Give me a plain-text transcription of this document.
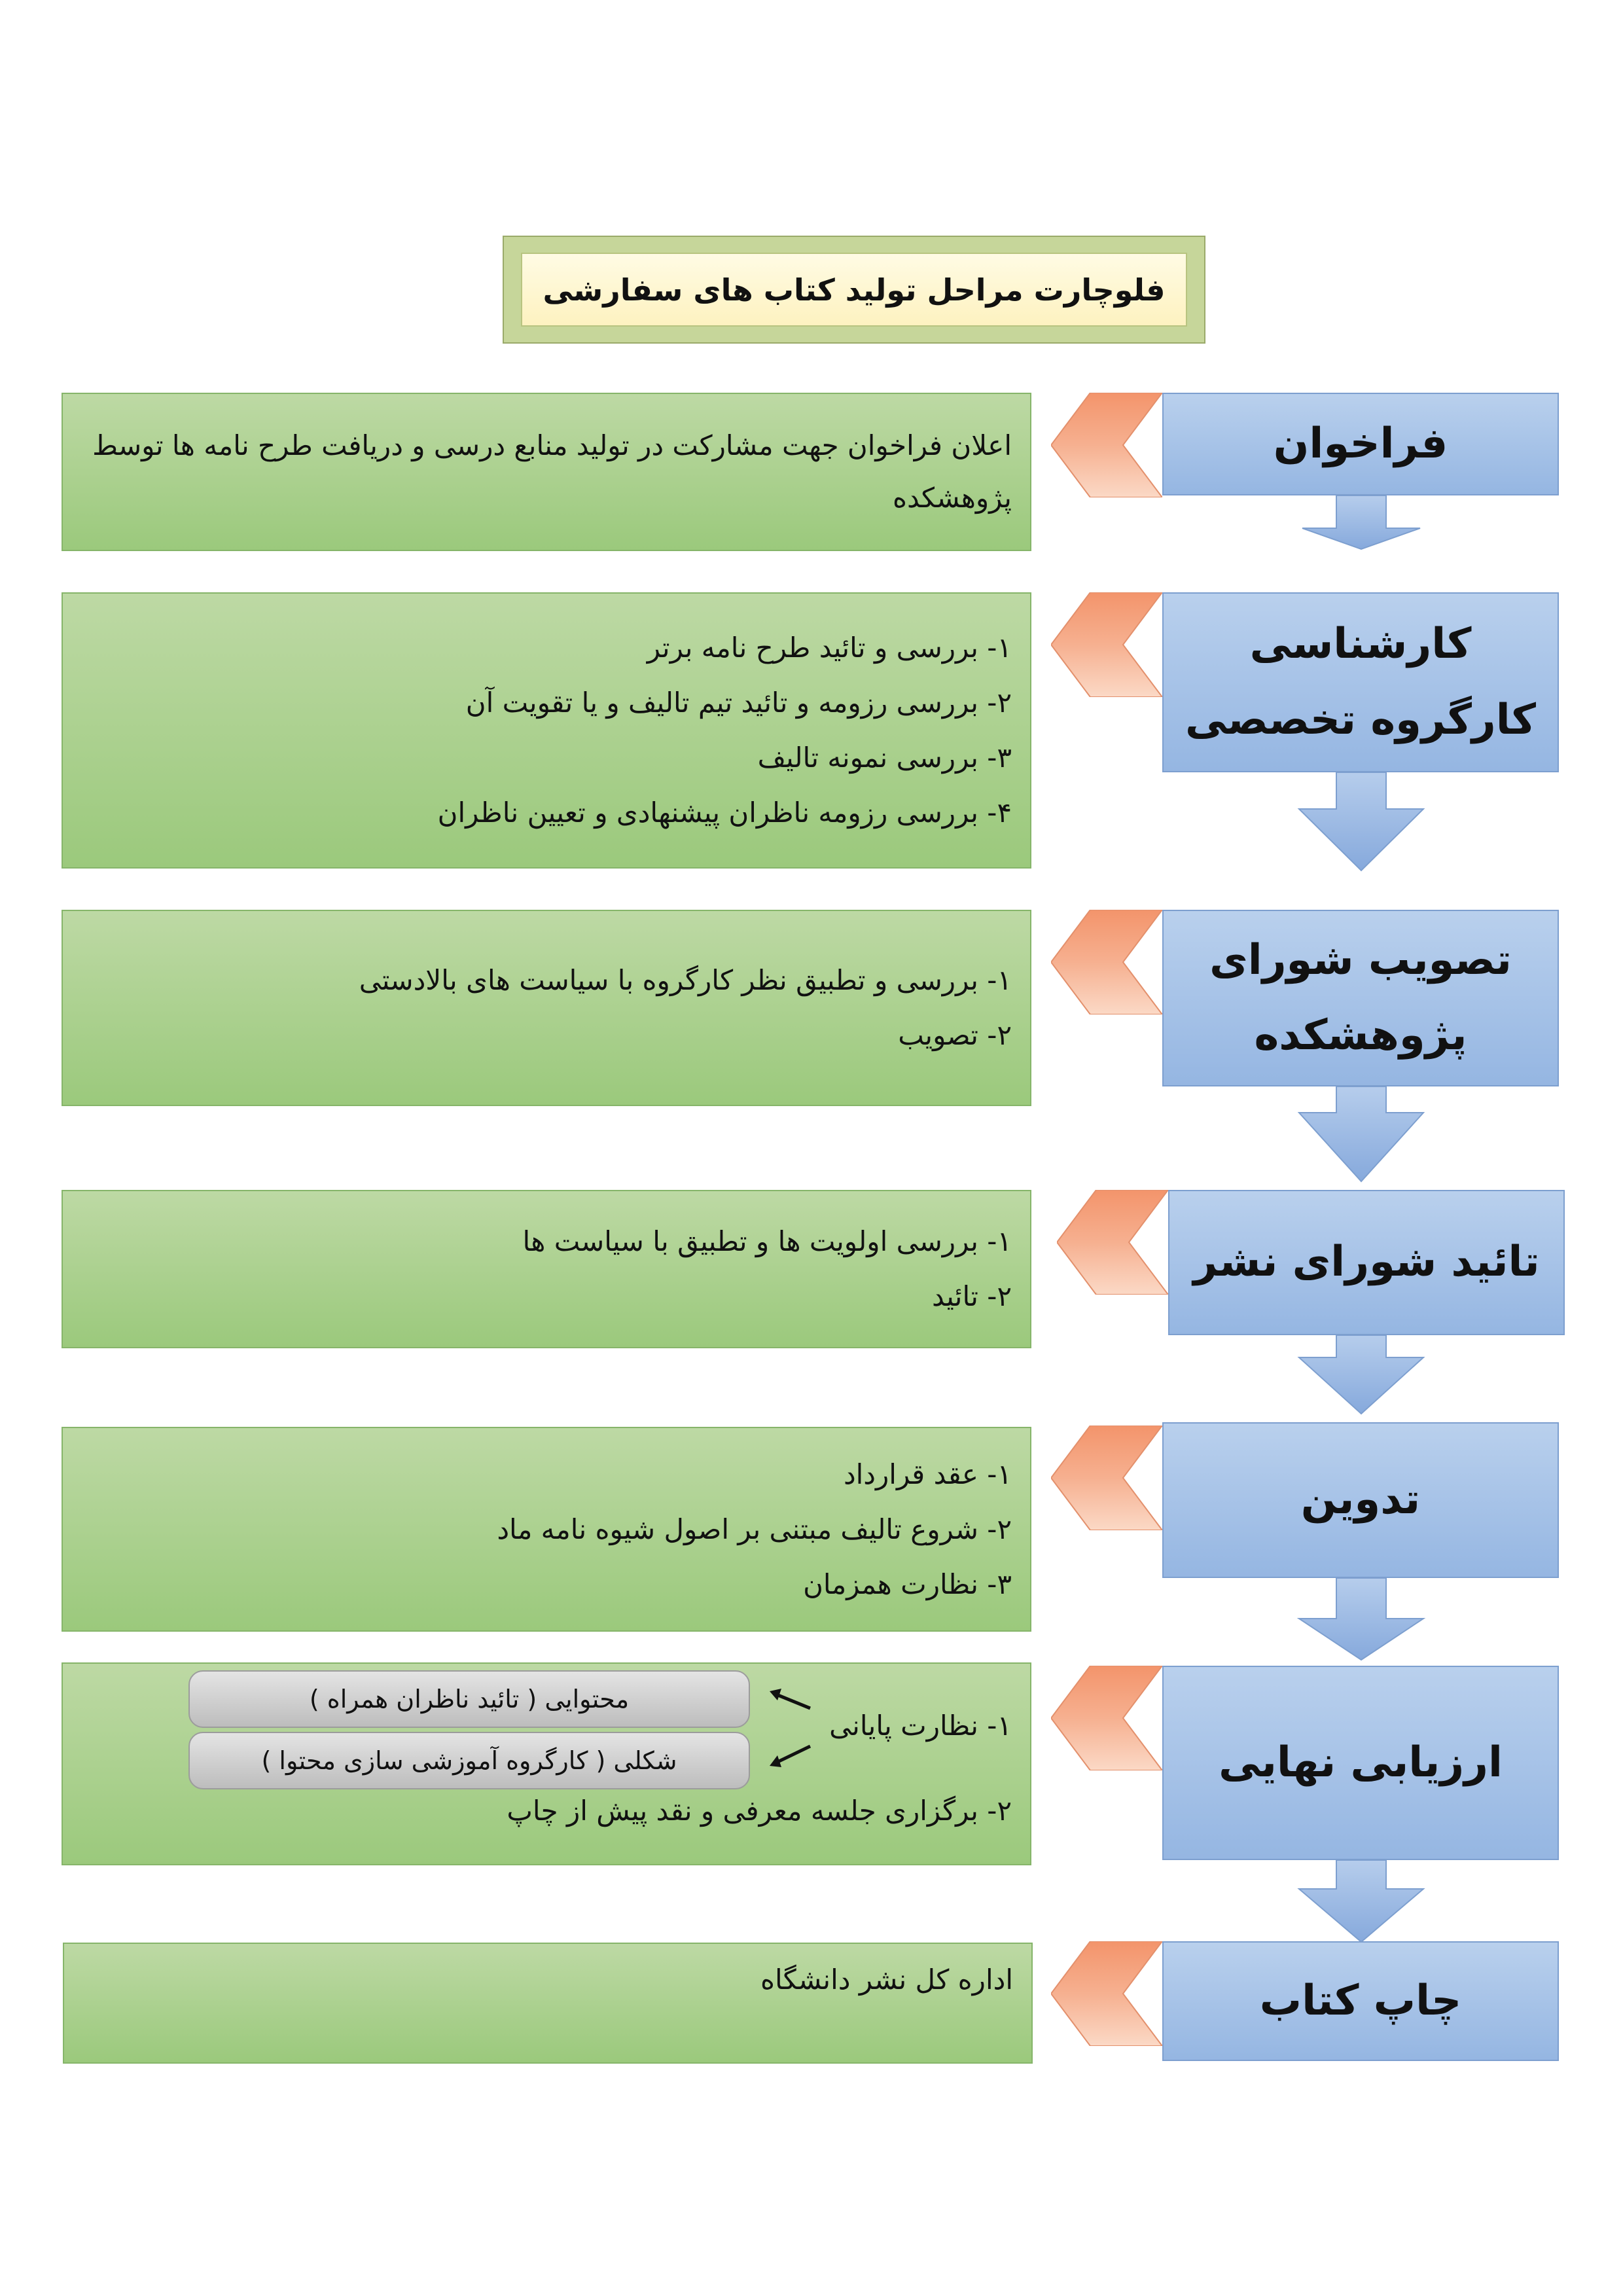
فلوچارت مراحل تولید کتاب های سفارشی
فراخوان
اعلان فراخوان جهت مشارکت در تولید منابع درسی و دریافت طرح نامه ها توسط پژوهشکده
کارشناسی
کارگروه تخصصی
۱- بررسی و تائید طرح نامه برتر
۲- بررسی رزومه و تائید تیم تالیف و یا تقویت آن
۳- بررسی نمونه تالیف
۴- بررسی رزومه ناظران پیشنهادی و تعیین ناظران
تصویب شورای
پژوهشکده
۱- بررسی و تطبیق نظر کارگروه با سیاست های بالادستی
۲- تصویب
تائید شورای نشر
۱- بررسی اولویت ها و تطبیق با سیاست ها
۲- تائید
تدوین
۱- عقد قرارداد
۲- شروع تالیف مبتنی بر اصول شیوه نامه ماد
۳- نظارت همزمان
ارزیابی نهایی
۱- نظارت پایانی
۲- برگزاری جلسه معرفی و نقد پیش از چاپ
محتوایی ( تائید ناظران همراه )
شکلی ( کارگروه آموزشی سازی محتوا )
چاپ کتاب
اداره کل نشر دانشگاه
